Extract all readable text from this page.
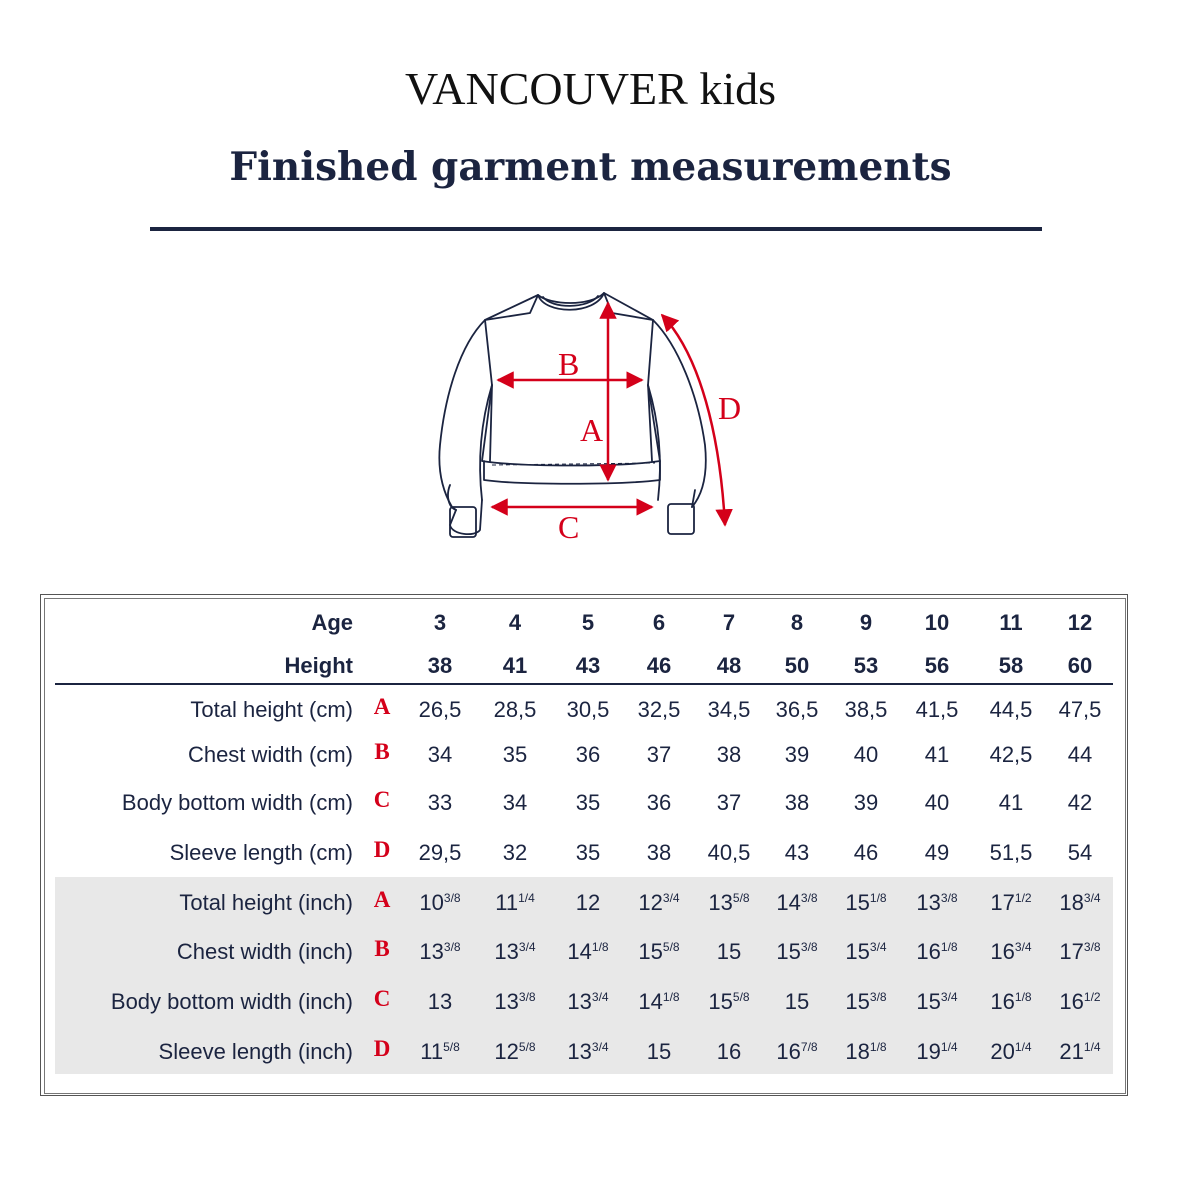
VANCOUVER kids
Finished garment measurements
A
B
C
D
Age	3	4	5	6	7	8	9	10	11	12
Height	38	41	43	46	48	50	53	56	58	60
Total height (cm) A	26,5	28,5	30,5	32,5	34,5	36,5	38,5	41,5	44,5	47,5
Chest width (cm) B	34	35	36	37	38	39	40	41	42,5	44
Body bottom width (cm) C	33	34	35	36	37	38	39	40	41	42
Sleeve length (cm) D	29,5	32	35	38	40,5	43	46	49	51,5	54
Total height (inch) A	$10^{3/8}$	$11^{1/4}$	12	$12^{3/4}$	$13^{5/8}$	$14^{3/8}$	$15^{1/8}$	$13^{3/8}$	$17^{1/2}$	$18^{3/4}$
Chest width (inch) B	$13^{3/8}$	$13^{3/4}$	$14^{1/8}$	$15^{5/8}$	15	$15^{3/8}$	$15^{3/4}$	$16^{1/8}$	$16^{3/4}$	$17^{3/8}$
Body bottom width (inch) C	13	$13^{3/8}$	$13^{3/4}$	$14^{1/8}$	$15^{5/8}$	15	$15^{3/8}$	$15^{3/4}$	$16^{1/8}$	$16^{1/2}$
Sleeve length (inch) D	$11^{5/8}$	$12^{5/8}$	$13^{3/4}$	15	16	$16^{7/8}$	$18^{1/8}$	$19^{1/4}$	$20^{1/4}$	$21^{1/4}$
